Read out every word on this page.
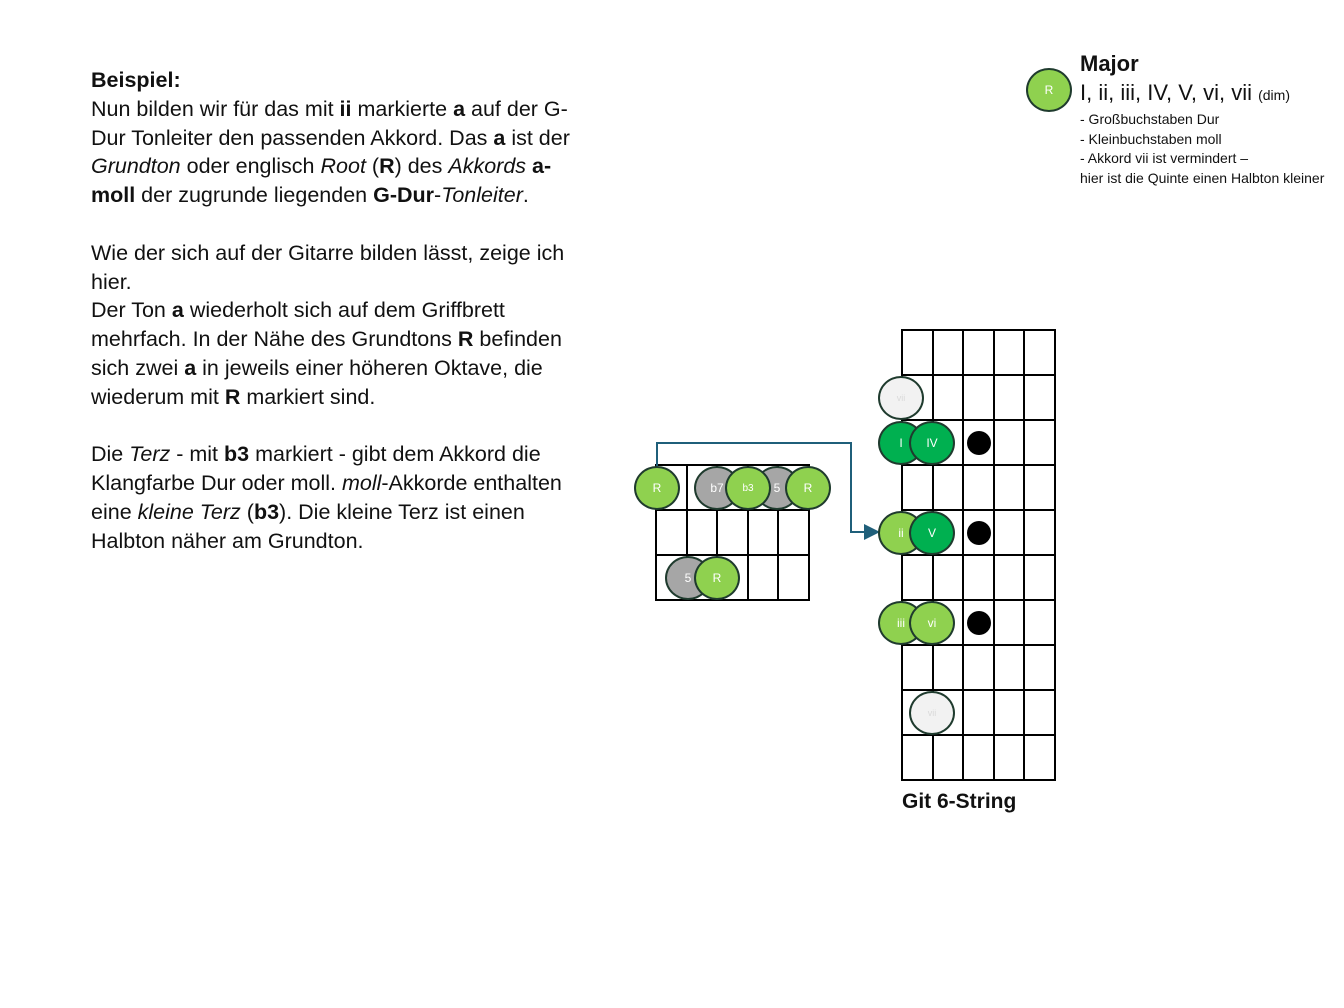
Beispiel:
Nun bilden wir für das mit ii markierte a auf der G-Dur Tonleiter den passenden Akkord. Das a ist der Grundton oder englisch Root (R) des Akkords a-moll der zugrunde liegenden G-Dur-Tonleiter.

Wie der sich auf der Gitarre bilden lässt, zeige ich hier.
Der Ton a wiederholt sich auf dem Griffbrett mehrfach. In der Nähe des Grundtons R befinden sich zwei a in jeweils einer höheren Oktave, die wiederum mit R markiert sind.

Die Terz - mit b3 markiert - gibt dem Akkord die Klangfarbe Dur oder moll. moll-Akkorde enthalten eine kleine Terz (b3). Die kleine Terz ist einen Halbton näher am Grundton.

R
Major
I, ii, iii, IV, V, vi, vii (dim)
- Großbuchstaben Dur
- Kleinbuchstaben moll
- Akkord vii ist vermindert –
hier ist die Quinte einen Halbton kleiner
R	b7	5
b3	R
5 R
vii
I IV
ii V
iii vi
vii
Git 6-String
